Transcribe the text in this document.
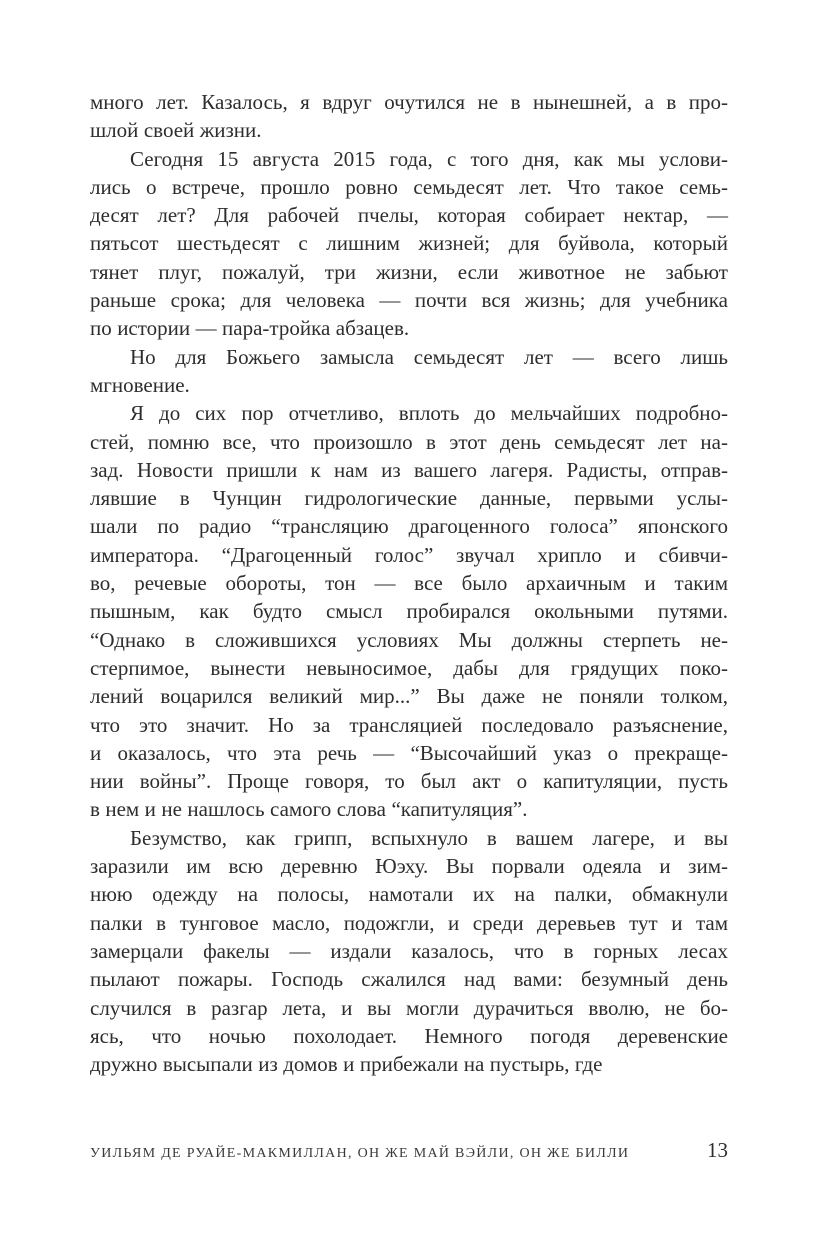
много лет. Казалось, я вдруг очутился не в нынешней, а в про-
шлой своей жизни.
Сегодня 15 августа 2015 года, с того дня, как мы услови-
лись о встрече, прошло ровно семьдесят лет. Что такое семь-
десят лет? Для рабочей пчелы, которая собирает нектар, —
пятьсот шестьдесят с лишним жизней; для буйвола, который
тянет плуг, пожалуй, три жизни, если животное не забьют
раньше срока; для человека — почти вся жизнь; для учебника
по истории — пара-тройка абзацев.
Но для Божьего замысла семьдесят лет — всего лишь
мгновение.
Я до сих пор отчетливо, вплоть до мельчайших подробно-
стей, помню все, что произошло в этот день семьдесят лет на-
зад. Новости пришли к нам из вашего лагеря. Радисты, отправ-
лявшие в Чунцин гидрологические данные, первыми услы-
шали по радио “трансляцию драгоценного голоса” японского
императора. “Драгоценный голос” звучал хрипло и сбивчи-
во, речевые обороты, тон — все было архаичным и таким
пышным, как будто смысл пробирался окольными путями.
“Однако в сложившихся условиях Мы должны стерпеть не-
стерпимое, вынести невыносимое, дабы для грядущих поко-
лений воцарился великий мир...” Вы даже не поняли толком,
что это значит. Но за трансляцией последовало разъяснение,
и оказалось, что эта речь — “Высочайший указ о прекраще-
нии войны”. Проще говоря, то был акт о капитуляции, пусть
в нем и не нашлось самого слова “капитуляция”.
Безумство, как грипп, вспыхнуло в вашем лагере, и вы
заразили им всю деревню Юэху. Вы порвали одеяла и зим-
нюю одежду на полосы, намотали их на палки, обмакнули
палки в тунговое масло, подожгли, и среди деревьев тут и там
замерцали факелы — издали казалось, что в горных лесах
пылают пожары. Господь сжалился над вами: безумный день
случился в разгар лета, и вы могли дурачиться вволю, не бо-
ясь, что ночью похолодает. Немного погодя деревенские
дружно высыпали из домов и прибежали на пустырь, где
УИЛЬЯМ ДЕ РУАЙЕ-МАКМИЛЛАН, ОН ЖЕ МАЙ ВЭЙЛИ, ОН ЖЕ БИЛЛИ	13
